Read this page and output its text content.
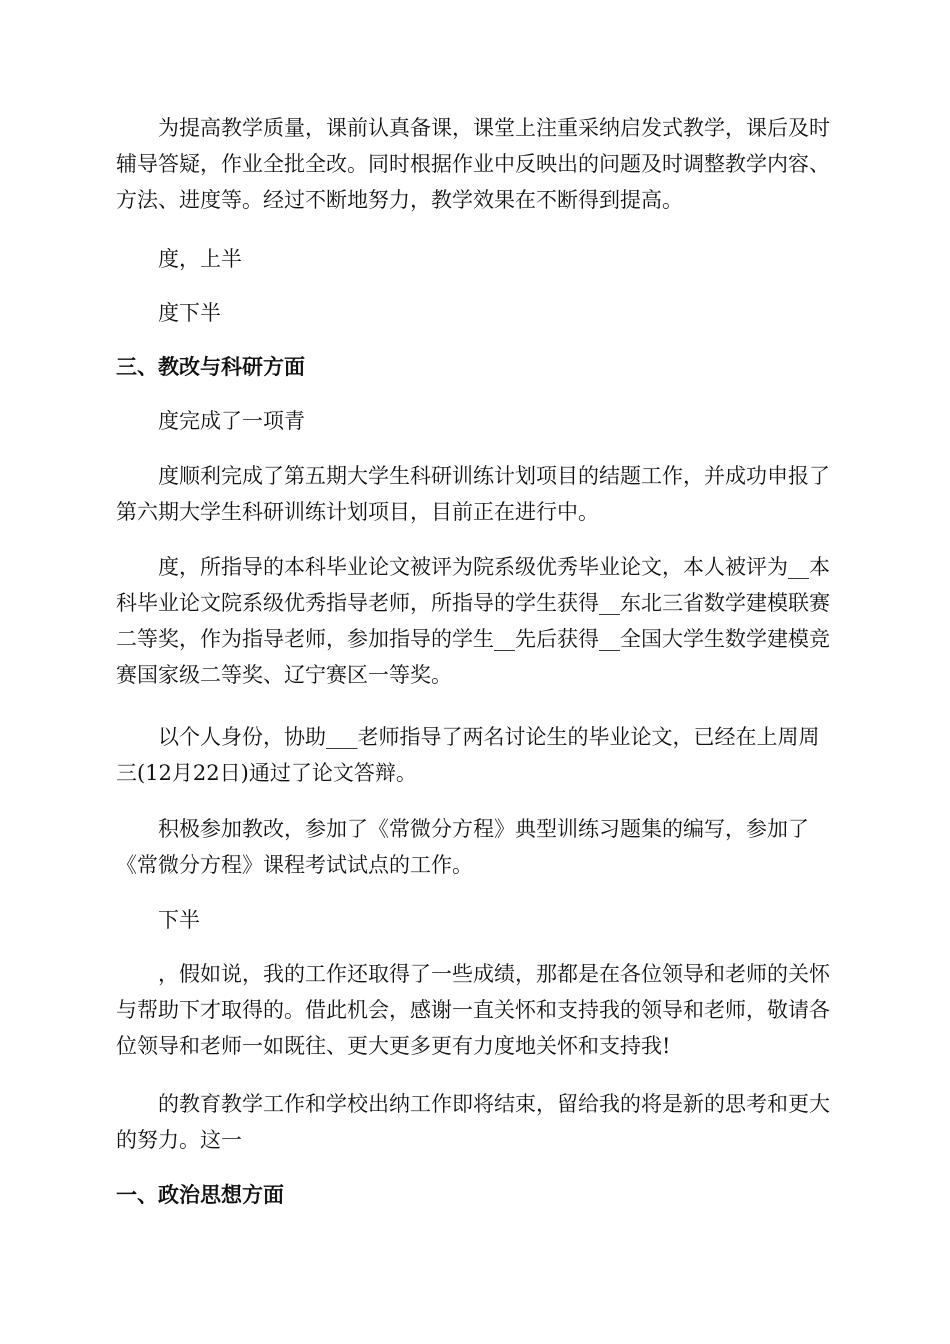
为提高教学质量，课前认真备课，课堂上注重采纳启发式教学，课后及时辅导答疑，作业全批全改。同时根据作业中反映出的问题及时调整教学内容、方法、进度等。经过不断地努力，教学效果在不断得到提高。

度，上半

度下半

三、教改与科研方面

度完成了一项青

度顺利完成了第五期大学生科研训练计划项目的结题工作，并成功申报了第六期大学生科研训练计划项目，目前正在进行中。

度，所指导的本科毕业论文被评为院系级优秀毕业论文，本人被评为__本科毕业论文院系级优秀指导老师，所指导的学生获得__东北三省数学建模联赛二等奖，作为指导老师，参加指导的学生__先后获得__全国大学生数学建模竞赛国家级二等奖、辽宁赛区一等奖。

以个人身份，协助___老师指导了两名讨论生的毕业论文，已经在上周周三(12月22日)通过了论文答辩。

积极参加教改，参加了《常微分方程》典型训练习题集的编写，参加了《常微分方程》课程考试试点的工作。

下半

，假如说，我的工作还取得了一些成绩，那都是在各位领导和老师的关怀与帮助下才取得的。借此机会，感谢一直关怀和支持我的领导和老师，敬请各位领导和老师一如既往、更大更多更有力度地关怀和支持我!

的教育教学工作和学校出纳工作即将结束，留给我的将是新的思考和更大的努力。这一

一、政治思想方面
